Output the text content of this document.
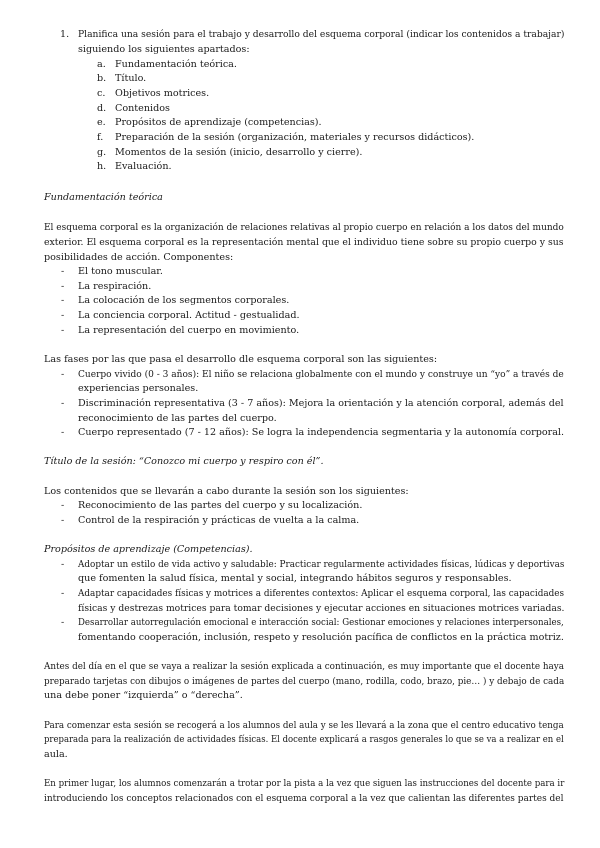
1. Planifica una sesión para el trabajo y desarrollo del esquema corporal (indicar los contenidos a trabajar)
siguiendo los siguientes apartados:
a. Fundamentación teórica.
b. Título.
c. Objetivos motrices.
d. Contenidos
e. Propósitos de aprendizaje (competencias).
f. Preparación de la sesión (organización, materiales y recursos didácticos).
g. Momentos de la sesión (inicio, desarrollo y cierre).
h. Evaluación.
Fundamentación teórica
El esquema corporal es la organización de relaciones relativas al propio cuerpo en relación a los datos del mundo
exterior. El esquema corporal es la representación mental que el individuo tiene sobre su propio cuerpo y sus
posibilidades de acción. Componentes:
- El tono muscular.
- La respiración.
- La colocación de los segmentos corporales.
- La conciencia corporal. Actitud - gestualidad.
- La representación del cuerpo en movimiento.
Las fases por las que pasa el desarrollo dle esquema corporal son las siguientes:
- Cuerpo vivido (0 - 3 años): El niño se relaciona globalmente con el mundo y construye un “yo” a través de
experiencias personales.
- Discriminación representativa (3 - 7 años): Mejora la orientación y la atención corporal, además del
reconocimiento de las partes del cuerpo.
- Cuerpo representado (7 - 12 años): Se logra la independencia segmentaria y la autonomía corporal.
Título de la sesión: “Conozco mi cuerpo y respiro con él”.
Los contenidos que se llevarán a cabo durante la sesión son los siguientes:
- Reconocimiento de las partes del cuerpo y su localización.
- Control de la respiración y prácticas de vuelta a la calma.
Propósitos de aprendizaje (Competencias).
- Adoptar un estilo de vida activo y saludable: Practicar regularmente actividades físicas, lúdicas y deportivas
que fomenten la salud física, mental y social, integrando hábitos seguros y responsables.
- Adaptar capacidades físicas y motrices a diferentes contextos: Aplicar el esquema corporal, las capacidades
físicas y destrezas motrices para tomar decisiones y ejecutar acciones en situaciones motrices variadas.
- Desarrollar autorregulación emocional e interacción social: Gestionar emociones y relaciones interpersonales,
fomentando cooperación, inclusión, respeto y resolución pacífica de conflictos en la práctica motriz.
Antes del día en el que se vaya a realizar la sesión explicada a continuación, es muy importante que el docente haya
preparado tarjetas con dibujos o imágenes de partes del cuerpo (mano, rodilla, codo, brazo, pie… ) y debajo de cada
una debe poner “izquierda” o “derecha”.
Para comenzar esta sesión se recogerá a los alumnos del aula y se les llevará a la zona que el centro educativo tenga
preparada para la realización de actividades físicas. El docente explicará a rasgos generales lo que se va a realizar en el
aula.
En primer lugar, los alumnos comenzarán a trotar por la pista a la vez que siguen las instrucciones del docente para ir
introduciendo los conceptos relacionados con el esquema corporal a la vez que calientan las diferentes partes del
